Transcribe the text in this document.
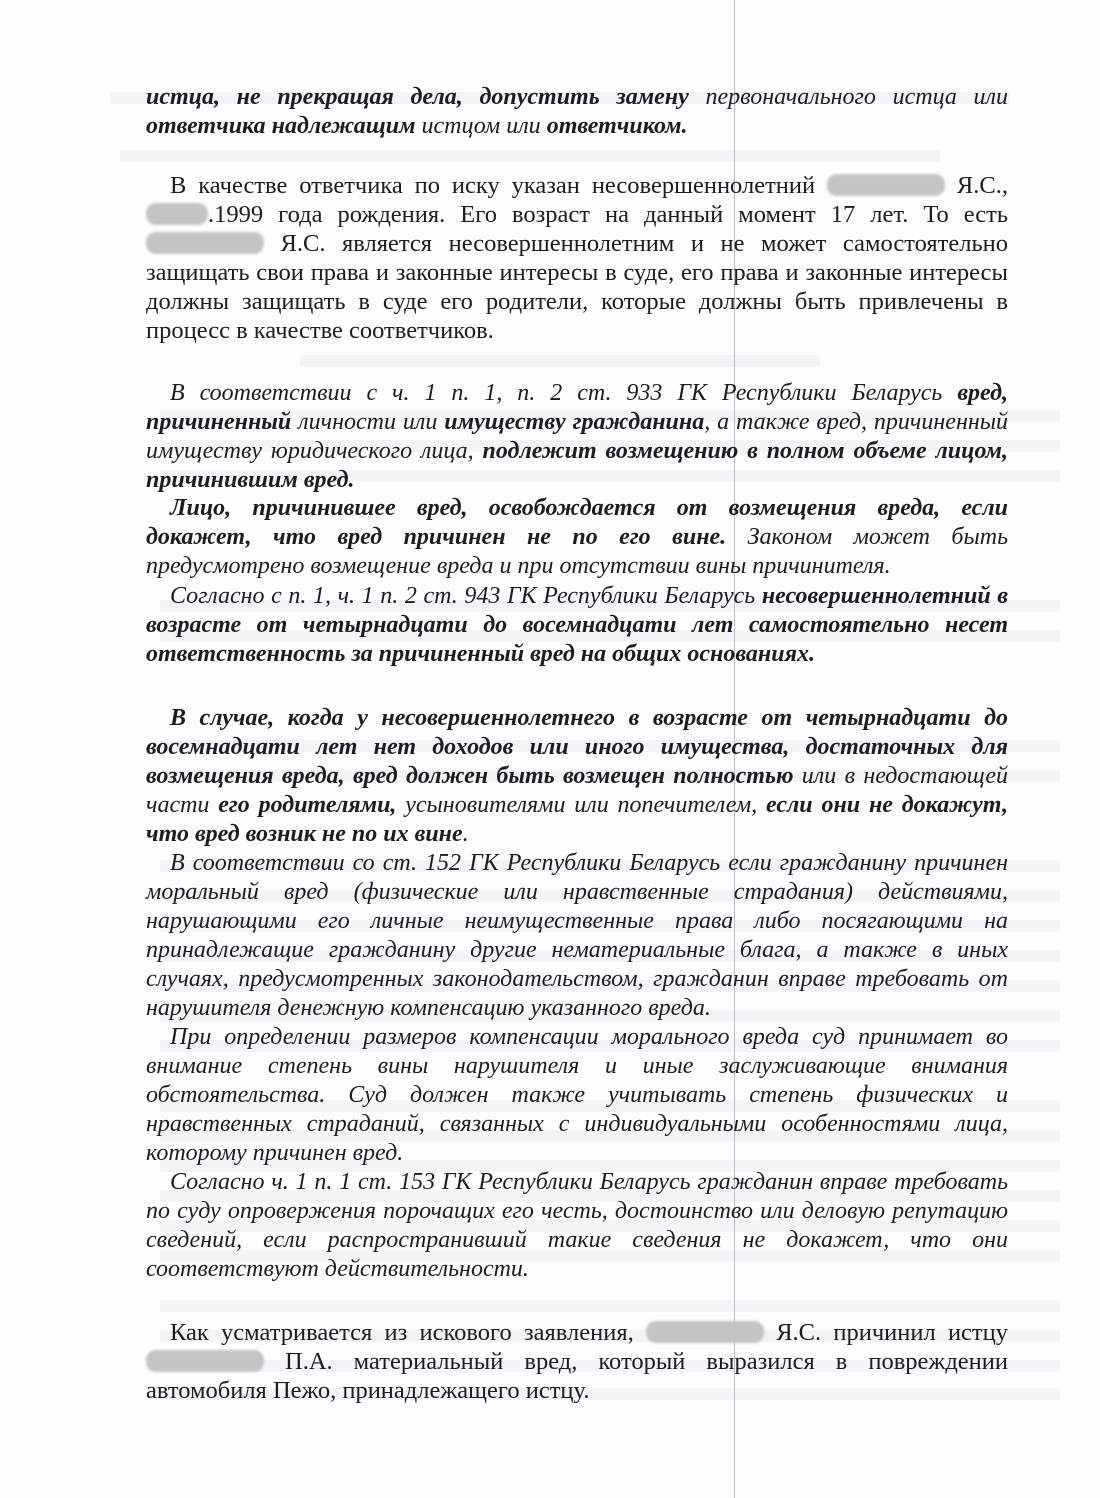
истца, не прекращая дела, допустить замену первоначального истца или ответчика надлежащим истцом или ответчиком.

В качестве ответчика по иску указан несовершеннолетний	Я.С., .1999 года рождения. Его возраст на данный момент 17 лет. То есть  Я.С. является несовершеннолетним и не может самостоятельно защищать свои права и законные интересы в суде, его права и законные интересы должны защищать в суде его родители, которые должны быть привлечены в процесс в качестве соответчиков.

В соответствии с ч. 1 п. 1, п. 2 ст. 933 ГК Республики Беларусь вред, причиненный личности или имуществу гражданина, а также вред, причиненный имуществу юридического лица, подлежит возмещению в полном объеме лицом, причинившим вред.

Лицо, причинившее вред, освобождается от возмещения вреда, если докажет, что вред причинен не по его вине. Законом может быть предусмотрено возмещение вреда и при отсутствии вины причинителя.

Согласно с п. 1, ч. 1 п. 2 ст. 943 ГК Республики Беларусь несовершеннолетний в возрасте от четырнадцати до восемнадцати лет самостоятельно несет ответственность за причиненный вред на общих основаниях.

В случае, когда у несовершеннолетнего в возрасте от четырнадцати до восемнадцати лет нет доходов или иного имущества, достаточных для возмещения вреда, вред должен быть возмещен полностью или в недостающей части его родителями, усыновителями или попечителем, если они не докажут, что вред возник не по их вине.

В соответствии со ст. 152 ГК Республики Беларусь если гражданину причинен моральный вред (физические или нравственные страдания) действиями, нарушающими его личные неимущественные права либо посягающими на принадлежащие гражданину другие нематериальные блага, а также в иных случаях, предусмотренных законодательством, гражданин вправе требовать от нарушителя денежную компенсацию указанного вреда.

При определении размеров компенсации морального вреда суд принимает во внимание степень вины нарушителя и иные заслуживающие внимания обстоятельства. Суд должен также учитывать степень физических и нравственных страданий, связанных с индивидуальными особенностями лица, которому причинен вред.

Согласно ч. 1 п. 1 ст. 153 ГК Республики Беларусь гражданин вправе требовать по суду опровержения порочащих его честь, достоинство или деловую репутацию сведений, если распространивший такие сведения не докажет, что они соответствуют действительности.

Как усматривается из искового заявления,	Я.С. причинил истцу  П.А. материальный вред, который выразился в повреждении автомобиля Пежо, принадлежащего истцу.
